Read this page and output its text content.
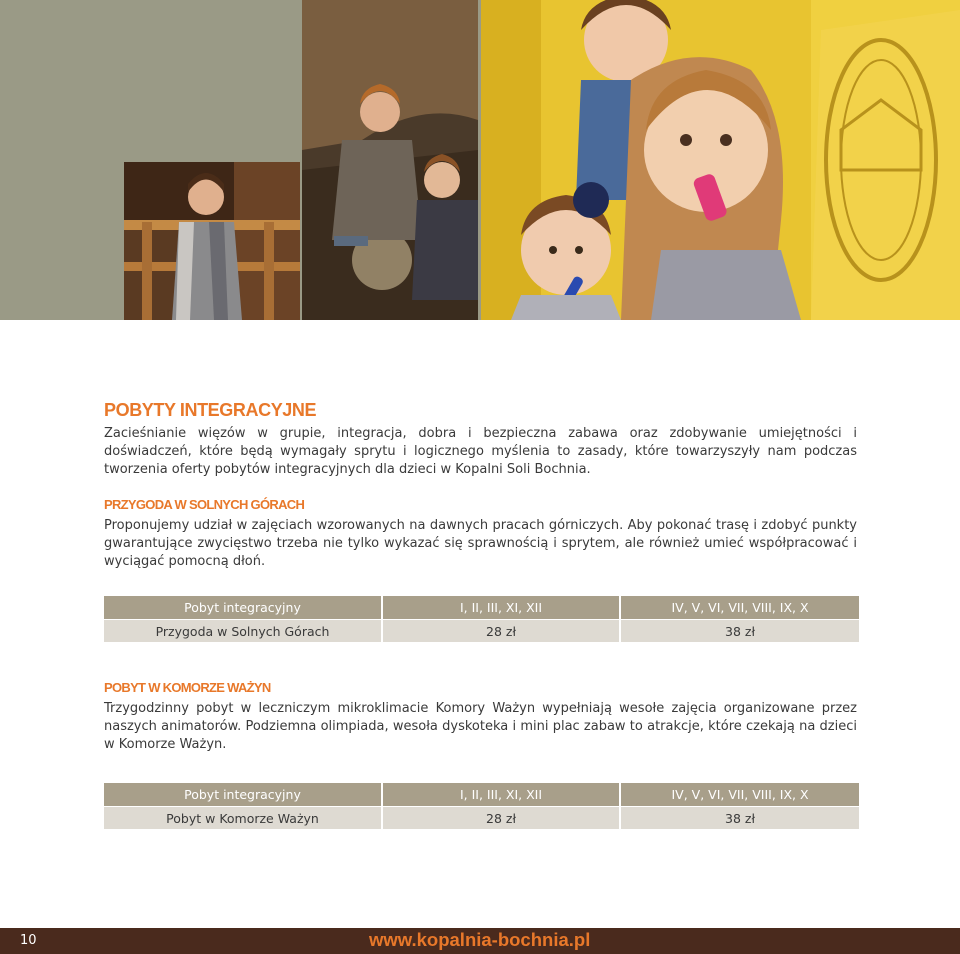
POBYTY INTEGRACYJNE

Zacieśnianie więzów w grupie, integracja, dobra i bezpieczna zabawa oraz zdobywanie umiejętności i doświadczeń, które będą wymagały sprytu i logicznego myślenia to zasady, które towarzyszyły nam podczas tworzenia oferty pobytów integracyjnych dla dzieci w Kopalni Soli Bochnia.

PRZYGODA W SOLNYCH GÓRACH

Proponujemy udział w zajęciach wzorowanych na dawnych pracach górniczych. Aby pokonać trasę i zdobyć punkty gwarantujące zwycięstwo trzeba nie tylko wykazać się sprawnością i sprytem, ale również umieć współpracować i wyciągać pomocną dłoń.

Pobyt integracyjny	I, II, III, XI, XII	IV, V, VI, VII, VIII, IX, X
Przygoda w Solnych Górach	28 zł	38 zł
POBYT W KOMORZE WAŻYN

Trzygodzinny pobyt w leczniczym mikroklimacie Komory Ważyn wypełniają wesołe zajęcia organizowane przez naszych animatorów. Podziemna olimpiada, wesoła dyskoteka i mini plac zabaw to atrakcje, które czekają na dzieci w Komorze Ważyn.

Pobyt integracyjny	I, II, III, XI, XII	IV, V, VI, VII, VIII, IX, X
Pobyt w Komorze Ważyn	28 zł	38 zł
10	www.kopalnia-bochnia.pl
